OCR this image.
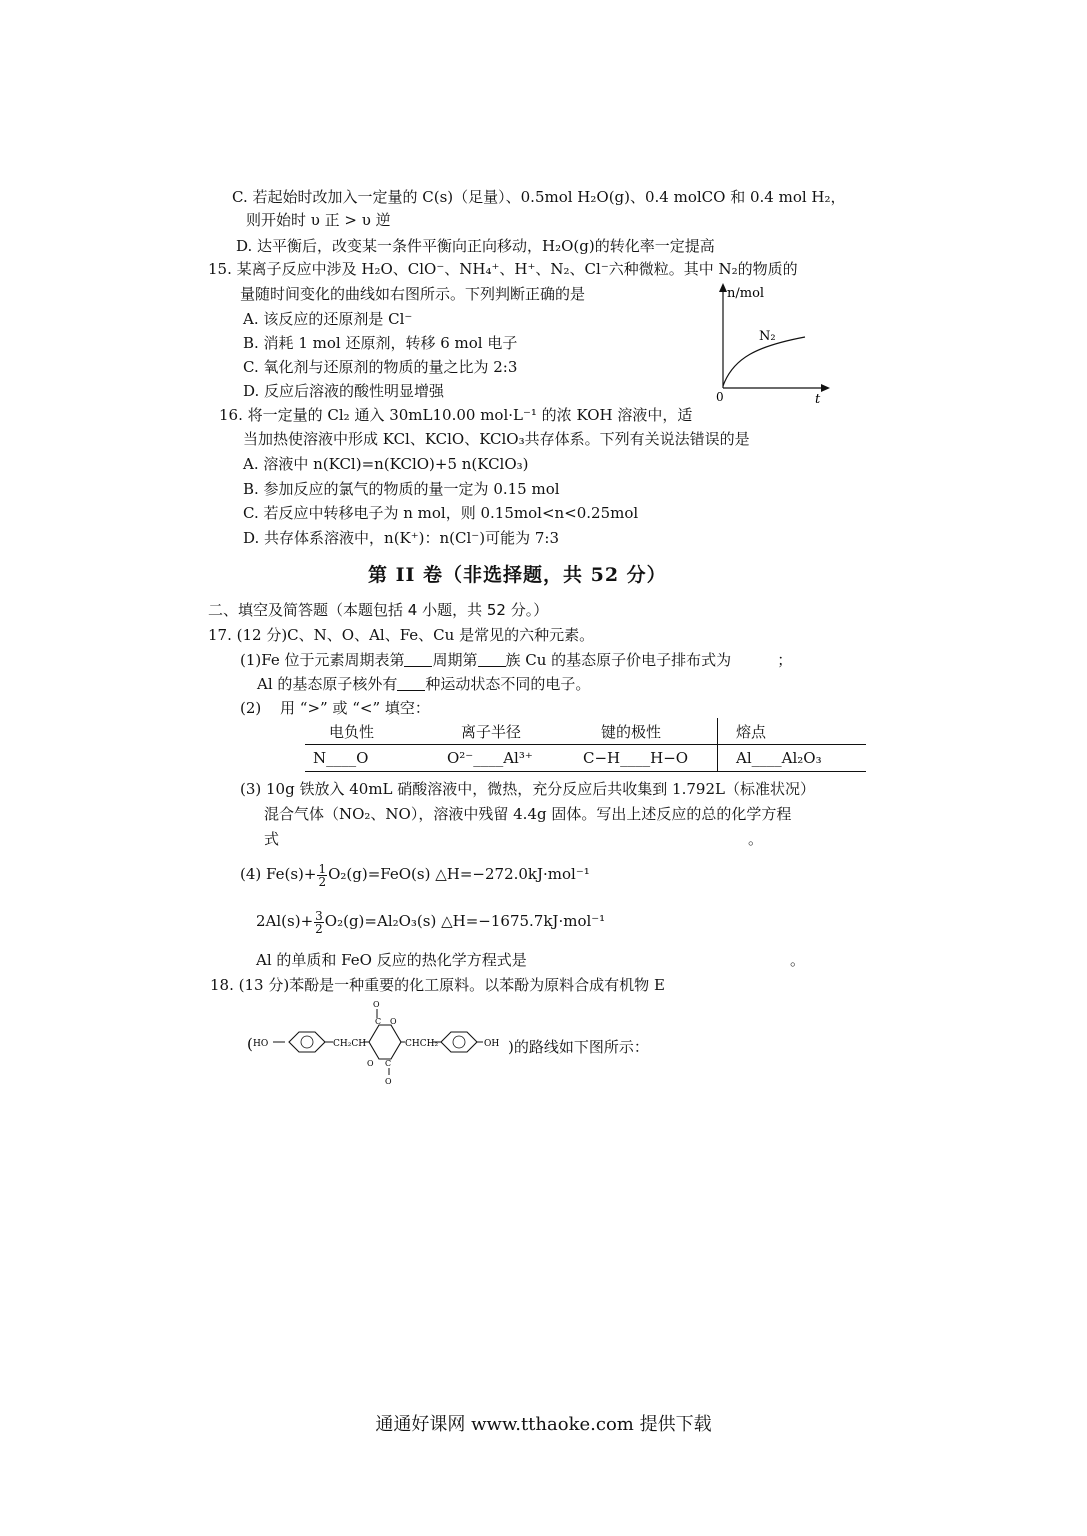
C. 若起始时改加入一定量的 C(s)（足量）、0.5mol H₂O(g)、0.4 molCO 和 0.4 mol H₂，
则开始时 υ 正 > υ 逆
D. 达平衡后，改变某一条件平衡向正向移动，H₂O(g)的转化率一定提高
15. 某离子反应中涉及 H₂O、ClO⁻、NH₄⁺、H⁺、N₂、Cl⁻六种微粒。其中 N₂的物质的
量随时间变化的曲线如右图所示。下列判断正确的是
A. 该反应的还原剂是 Cl⁻
B. 消耗 1 mol 还原剂，转移 6 mol 电子
C. 氧化剂与还原剂的物质的量之比为 2:3
D. 反应后溶液的酸性明显增强
n/mol
t
0
N₂
16. 将一定量的 Cl₂ 通入 30mL10.00 mol·L⁻¹ 的浓 KOH 溶液中，适
当加热使溶液中形成 KCl、KClO、KClO₃共存体系。下列有关说法错误的是
A. 溶液中 n(KCl)=n(KClO)+5 n(KClO₃)
B. 参加反应的氯气的物质的量一定为 0.15 mol
C. 若反应中转移电子为 n mol，则 0.15mol<n<0.25mol
D. 共存体系溶液中，n(K⁺)：n(Cl⁻)可能为 7:3
第 II 卷（非选择题，共 52 分）
二、填空及简答题（本题包括 4 小题，共 52 分。）
17. (12 分)C、N、O、Al、Fe、Cu 是常见的六种元素。
(1)Fe 位于元素周期表第 周期第 族 Cu 的基态原子价电子排布式为	；
Al 的基态原子核外有 种运动状态不同的电子。
(2) 用 “>” 或 “<” 填空：
电负性	离子半径	键的极性	熔点
N____O	O²⁻____Al³⁺	C−H____H−O	Al____Al₂O₃
(3) 10g 铁放入 40mL 硝酸溶液中，微热，充分反应后共收集到 1.792L（标准状况）
混合气体（NO₂、NO），溶液中残留 4.4g 固体。写出上述反应的总的化学方程
式	。
(4) $Fe(s)+ \frac{1}{2} O_2(g)=FeO(s)$ △H=−272.0kJ·mol⁻¹
$2Al(s)+ \frac{3}{2} O_2(g)=Al_2O_3(s)$ △H=−1675.7kJ·mol⁻¹
Al 的单质和 FeO 反应的热化学方程式是	。
18. (13 分)苯酚是一种重要的化工原料。以苯酚为原料合成有机物 E
( HO	CH₂CH
C O
O
O C
O
CHCH₂	OH )的路线如下图所示：
通通好课网 www.tthaoke.com 提供下载
